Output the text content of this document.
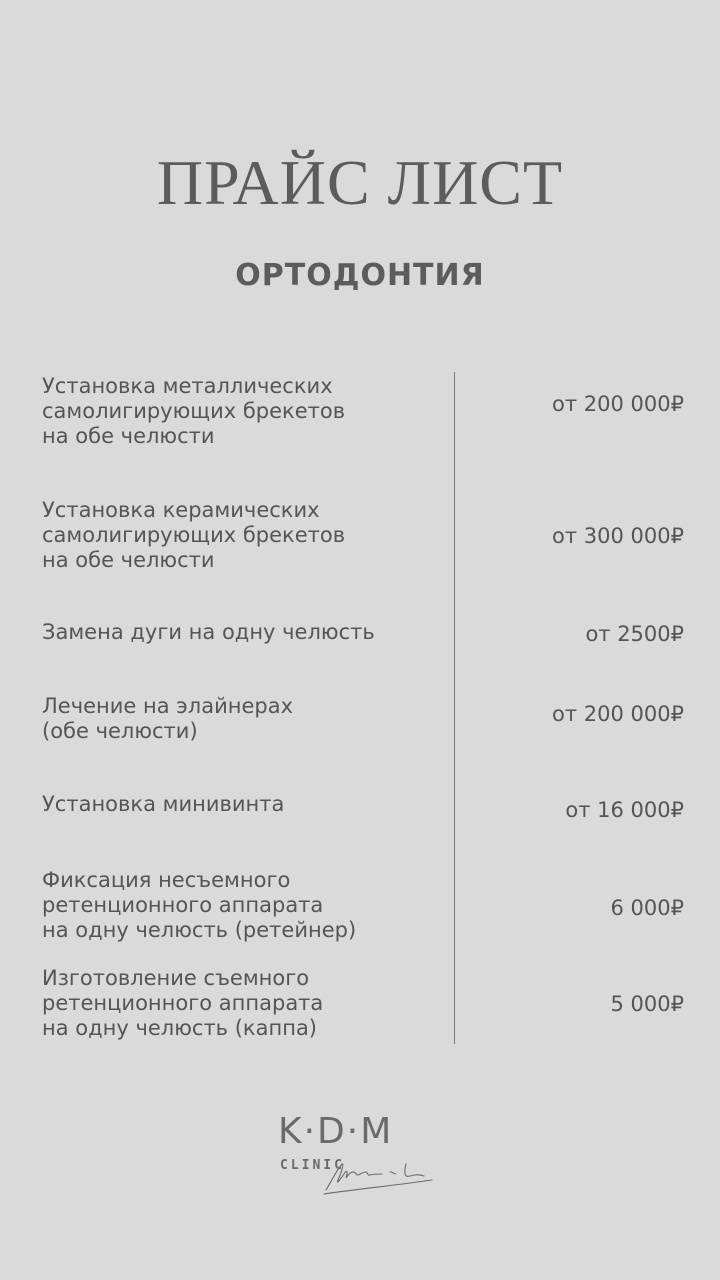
ПРАЙС ЛИСТ
ОРТОДОНТИЯ
Установка металлических
самолигирующих брекетов
на обе челюсти
от 200 000₽
Установка керамических
самолигирующих брекетов
на обе челюсти
от 300 000₽
Замена дуги на одну челюсть	от 2500₽
Лечение на элайнерах
(обе челюсти)
от 200 000₽
Установка минивинта	от 16 000₽
Фиксация несъемного
ретенционного аппарата
на одну челюсть (ретейнер)
6 000₽
Изготовление съемного
ретенционного аппарата
на одну челюсть (каппа)
5 000₽
K·D·M
CLINIC
